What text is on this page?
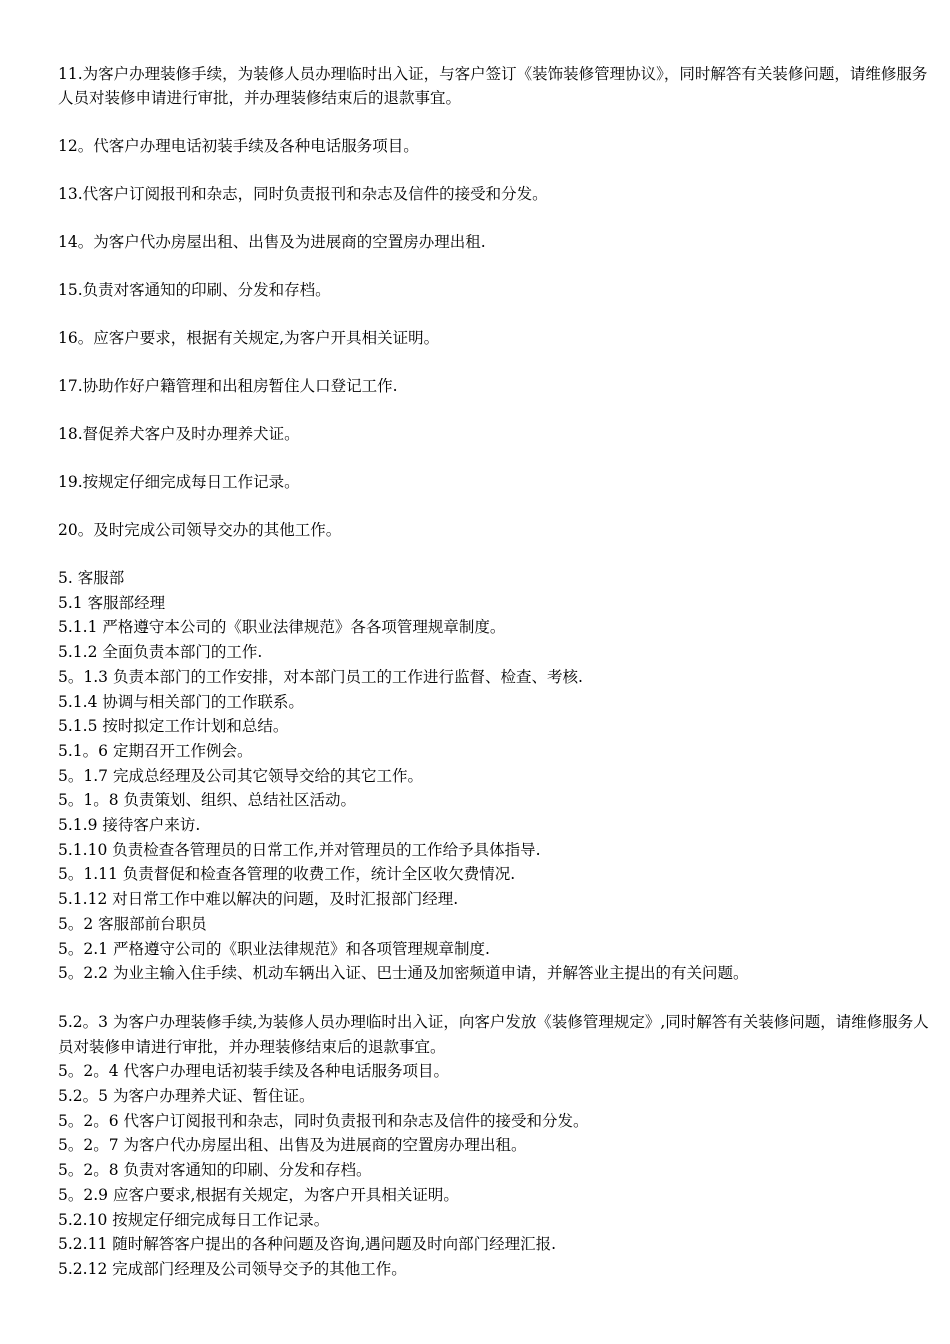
11.为客户办理装修手续，为装修人员办理临时出入证，与客户签订《装饰装修管理协议》，同时解答有关装修问题，请维修服务人员对装修申请进行审批，并办理装修结束后的退款事宜。

12。代客户办理电话初装手续及各种电话服务项目。

13.代客户订阅报刊和杂志，同时负责报刊和杂志及信件的接受和分发。

14。为客户代办房屋出租、出售及为进展商的空置房办理出租.

15.负责对客通知的印刷、分发和存档。

16。应客户要求，根据有关规定,为客户开具相关证明。

17.协助作好户籍管理和出租房暂住人口登记工作.

18.督促养犬客户及时办理养犬证。

19.按规定仔细完成每日工作记录。

20。及时完成公司领导交办的其他工作。

5. 客服部

5.1 客服部经理

5.1.1 严格遵守本公司的《职业法律规范》各各项管理规章制度。

5.1.2 全面负责本部门的工作.

5。1.3 负责本部门的工作安排，对本部门员工的工作进行监督、检查、考核.

5.1.4 协调与相关部门的工作联系。

5.1.5 按时拟定工作计划和总结。

5.1。6 定期召开工作例会。

5。1.7 完成总经理及公司其它领导交给的其它工作。

5。1。8 负责策划、组织、总结社区活动。

5.1.9 接待客户来访.

5.1.10 负责检查各管理员的日常工作,并对管理员的工作给予具体指导.

5。1.11 负责督促和检查各管理的收费工作，统计全区收欠费情况.

5.1.12 对日常工作中难以解决的问题，及时汇报部门经理.

5。2 客服部前台职员

5。2.1 严格遵守公司的《职业法律规范》和各项管理规章制度.

5。2.2 为业主输入住手续、机动车辆出入证、巴士通及加密频道申请，并解答业主提出的有关问题。

5.2。3 为客户办理装修手续,为装修人员办理临时出入证，向客户发放《装修管理规定》,同时解答有关装修问题，请维修服务人员对装修申请进行审批，并办理装修结束后的退款事宜。

5。2。4 代客户办理电话初装手续及各种电话服务项目。

5.2。5 为客户办理养犬证、暂住证。

5。2。6 代客户订阅报刊和杂志，同时负责报刊和杂志及信件的接受和分发。

5。2。7 为客户代办房屋出租、出售及为进展商的空置房办理出租。

5。2。8 负责对客通知的印刷、分发和存档。

5。2.9 应客户要求,根据有关规定，为客户开具相关证明。

5.2.10 按规定仔细完成每日工作记录。

5.2.11 随时解答客户提出的各种问题及咨询,遇问题及时向部门经理汇报.

5.2.12 完成部门经理及公司领导交予的其他工作。
